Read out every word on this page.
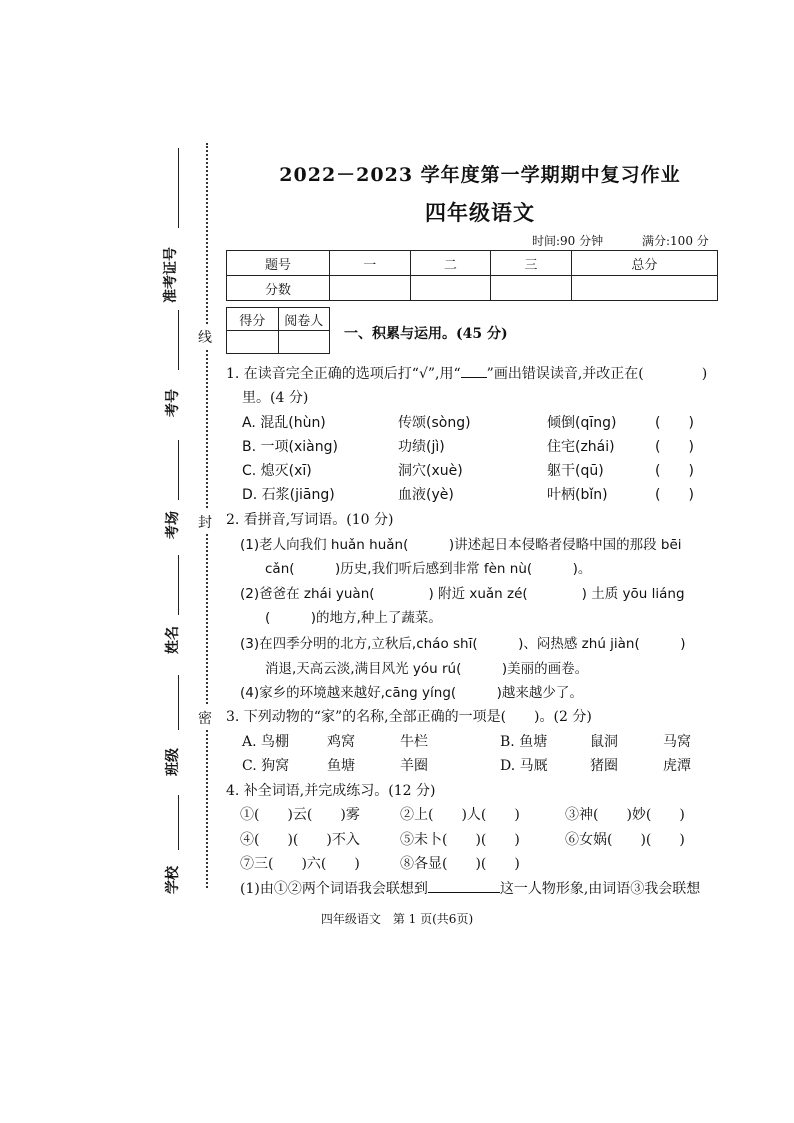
准考证号
考号
考场
姓名
班级
学校
线
封
密
2022－2023 学年度第一学期期中复习作业
四年级语文
时间:90 分钟	满分:100 分
题号	一	二	三	总分
分数				
得分	阅卷人

一、积累与运用。(45 分)
1. 在读音完全正确的选项后打“√”,用“ ”画出错误读音,并改正在(	)
里。(4 分)
A. 混乱(hùn)	传颂(sòng)	倾倒(qīng)	(　　)
B. 一项(xiàng)	功绩(jì)	住宅(zhái)	(　　)
C. 熄灭(xī)	洞穴(xuè)	躯干(qū)	(　　)
D. 石浆(jiāng)	血液(yè)	叶柄(bǐn)	(　　)
2. 看拼音,写词语。(10 分)
(1)老人向我们 huǎn huǎn(　　　)讲述起日本侵略者侵略中国的那段 bēi
cǎn(　　　)历史,我们听后感到非常 fèn nù(　　　)。
(2)爸爸在 zhái yuàn(　　　　) 附近 xuǎn zé(　　　　) 土质 yōu liáng
(　　　)的地方,种上了蔬菜。
(3)在四季分明的北方,立秋后,cháo shī(　　　)、闷热感 zhú jiàn(　　　)
消退,天高云淡,满目风光 yóu rú(　　　)美丽的画卷。
(4)家乡的环境越来越好,cāng yíng(　　　)越来越少了。
3. 下列动物的“家”的名称,全部正确的一项是(　　)。(2 分)
A. 鸟棚	鸡窝	牛栏	B. 鱼塘	鼠洞	马窝
C. 狗窝	鱼塘	羊圈	D. 马厩	猪圈	虎潭
4. 补全词语,并完成练习。(12 分)
①(　　)云(　　)雾	②上(　　)人(　　)	③神(　　)妙(　　)
④(　　)(　　)不入	⑤未卜(　　)(　　)	⑥女娲(　　)(　　)
⑦三(　　)六(　　)	⑧各显(　　)(　　)
(1)由①②两个词语我会联想到	这一人物形象,由词语③我会联想
四年级语文　第 1 页(共6页)
